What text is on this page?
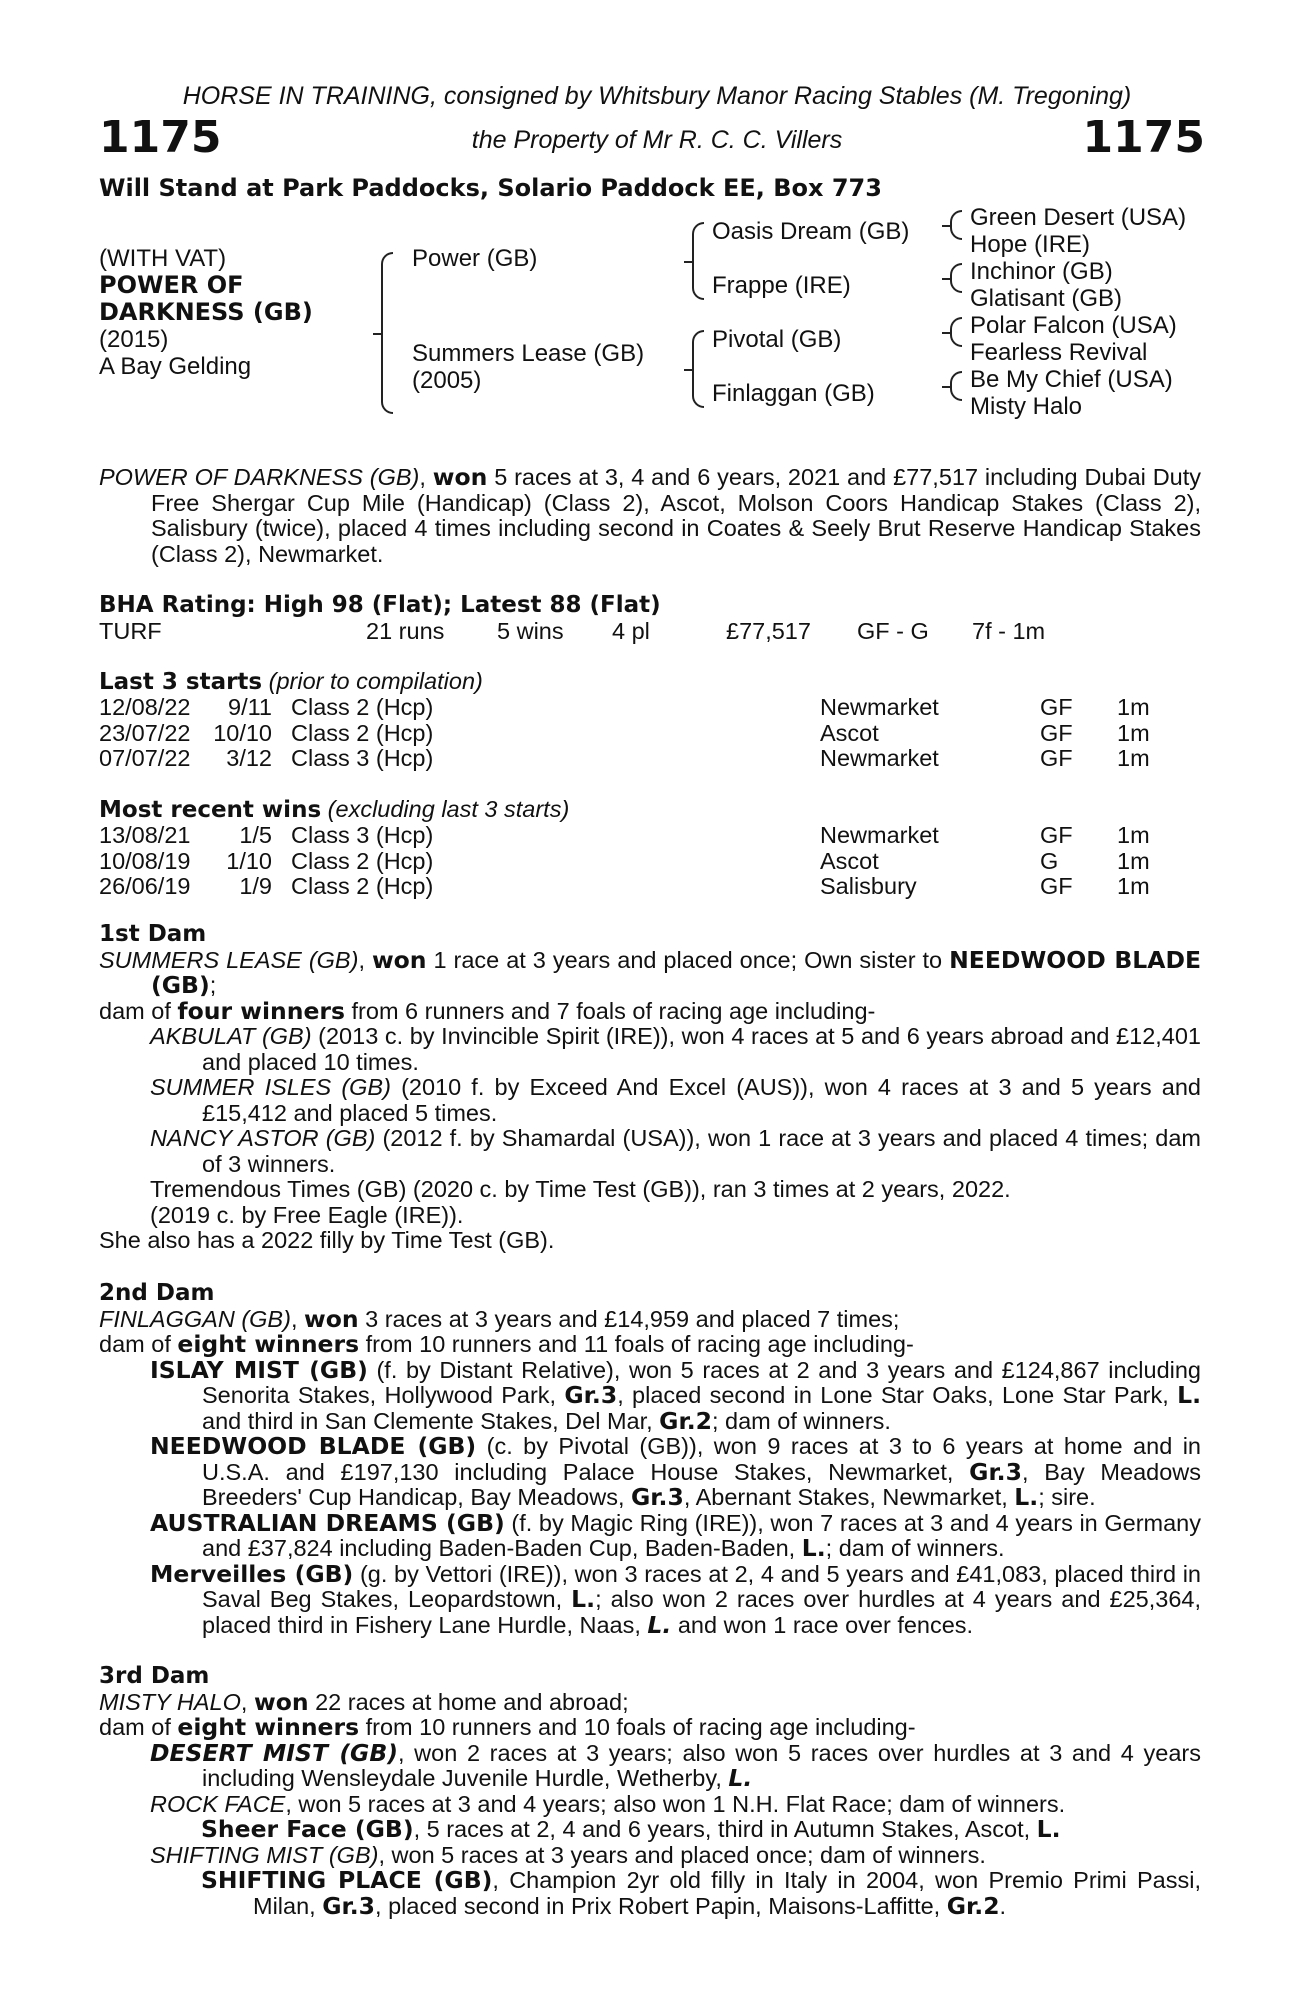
HORSE IN TRAINING, consigned by Whitsbury Manor Racing Stables (M. Tregoning)
1175	the Property of Mr R. C. C. Villers	1175
Will Stand at Park Paddocks, Solario Paddock EE, Box 773
(WITH VAT)
POWER OF
DARKNESS (GB)
(2015)
A Bay Gelding
Power (GB)
Summers Lease (GB)
(2005)
Oasis Dream (GB)
Frappe (IRE)
Pivotal (GB)
Finlaggan (GB)
Green Desert (USA)
Hope (IRE)
Inchinor (GB)
Glatisant (GB)
Polar Falcon (USA)
Fearless Revival
Be My Chief (USA)
Misty Halo

POWER OF DARKNESS (GB), won 5 races at 3, 4 and 6 years, 2021 and £77,517 including Dubai Duty Free Shergar Cup Mile (Handicap) (Class 2), Ascot, Molson Coors Handicap Stakes (Class 2), Salisbury (twice), placed 4 times including second in Coates & Seely Brut Reserve Handicap Stakes (Class 2), Newmarket.

BHA Rating: High 98 (Flat); Latest 88 (Flat)
TURF	21 runs 5 wins 4 pl	£77,517 GF - G 7f - 1m
Last 3 starts (prior to compilation)
12/08/22	9/11 Class 2 (Hcp)	Newmarket	GF 1m
23/07/22 10/10 Class 2 (Hcp)	Ascot	GF 1m
07/07/22	3/12 Class 3 (Hcp)	Newmarket	GF 1m
Most recent wins (excluding last 3 starts)
13/08/21	1/5 Class 3 (Hcp)	Newmarket	GF 1m
10/08/19	1/10 Class 2 (Hcp)	Ascot	G 1m
26/06/19	1/9 Class 2 (Hcp)	Salisbury	GF 1m

1st Dam

SUMMERS LEASE (GB), won 1 race at 3 years and placed once; Own sister to NEEDWOOD BLADE (GB);

dam of four winners from 6 runners and 7 foals of racing age including-

AKBULAT (GB) (2013 c. by Invincible Spirit (IRE)), won 4 races at 5 and 6 years abroad and £12,401 and placed 10 times.

SUMMER ISLES (GB) (2010 f. by Exceed And Excel (AUS)), won 4 races at 3 and 5 years and £15,412 and placed 5 times.

NANCY ASTOR (GB) (2012 f. by Shamardal (USA)), won 1 race at 3 years and placed 4 times; dam of 3 winners.

Tremendous Times (GB) (2020 c. by Time Test (GB)), ran 3 times at 2 years, 2022.

(2019 c. by Free Eagle (IRE)).

She also has a 2022 filly by Time Test (GB).

2nd Dam

FINLAGGAN (GB), won 3 races at 3 years and £14,959 and placed 7 times;

dam of eight winners from 10 runners and 11 foals of racing age including-

ISLAY MIST (GB) (f. by Distant Relative), won 5 races at 2 and 3 years and £124,867 including Senorita Stakes, Hollywood Park, Gr.3, placed second in Lone Star Oaks, Lone Star Park, L. and third in San Clemente Stakes, Del Mar, Gr.2; dam of winners.

NEEDWOOD BLADE (GB) (c. by Pivotal (GB)), won 9 races at 3 to 6 years at home and in U.S.A. and £197,130 including Palace House Stakes, Newmarket, Gr.3, Bay Meadows Breeders' Cup Handicap, Bay Meadows, Gr.3, Abernant Stakes, Newmarket, L.; sire.

AUSTRALIAN DREAMS (GB) (f. by Magic Ring (IRE)), won 7 races at 3 and 4 years in Germany and £37,824 including Baden-Baden Cup, Baden-Baden, L.; dam of winners.

Merveilles (GB) (g. by Vettori (IRE)), won 3 races at 2, 4 and 5 years and £41,083, placed third in Saval Beg Stakes, Leopardstown, L.; also won 2 races over hurdles at 4 years and £25,364, placed third in Fishery Lane Hurdle, Naas, L. and won 1 race over fences.

3rd Dam

MISTY HALO, won 22 races at home and abroad;

dam of eight winners from 10 runners and 10 foals of racing age including-

DESERT MIST (GB), won 2 races at 3 years; also won 5 races over hurdles at 3 and 4 years including Wensleydale Juvenile Hurdle, Wetherby, L.

ROCK FACE, won 5 races at 3 and 4 years; also won 1 N.H. Flat Race; dam of winners.

Sheer Face (GB), 5 races at 2, 4 and 6 years, third in Autumn Stakes, Ascot, L.

SHIFTING MIST (GB), won 5 races at 3 years and placed once; dam of winners.

SHIFTING PLACE (GB), Champion 2yr old filly in Italy in 2004, won Premio Primi Passi, Milan, Gr.3, placed second in Prix Robert Papin, Maisons-Laffitte, Gr.2.
